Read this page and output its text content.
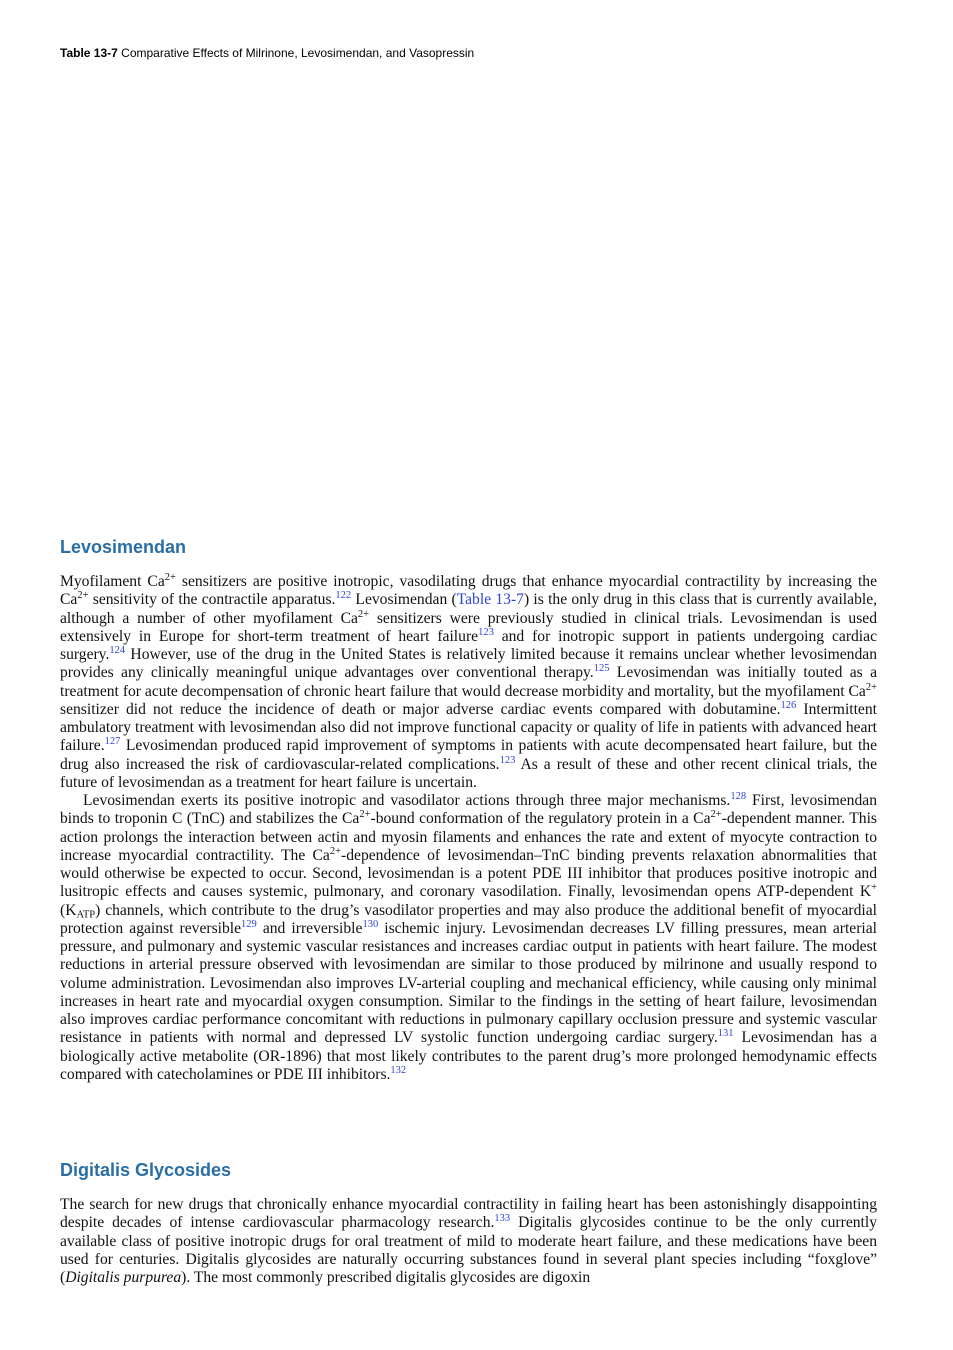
Table 13-7 Comparative Effects of Milrinone, Levosimendan, and Vasopressin
Levosimendan

Myofilament $Ca^{2+}$ sensitizers are positive inotropic, vasodilating drugs that enhance myocardial contractility by increasing the $Ca^{2+}$ sensitivity of the contractile apparatus.$^{122}$ Levosimendan (Table 13-7) is the only drug in this class that is currently available, although a number of other myofilament $Ca^{2+}$ sensitizers were previously studied in clinical trials. Levosimendan is used extensively in Europe for short-term treatment of heart failure$^{123}$ and for inotropic support in patients undergoing cardiac surgery.$^{124}$ However, use of the drug in the United States is relatively limited because it remains unclear whether levosimendan provides any clinically meaningful unique advantages over conventional therapy.$^{125}$ Levosimendan was initially touted as a treatment for acute decompensation of chronic heart failure that would decrease morbidity and mortality, but the myofilament $Ca^{2+}$ sensitizer did not reduce the incidence of death or major adverse cardiac events compared with dobutamine.$^{126}$ Intermittent ambulatory treatment with levosimendan also did not improve functional capacity or quality of life in patients with advanced heart failure.$^{127}$ Levosimendan produced rapid improvement of symptoms in patients with acute decompensated heart failure, but the drug also increased the risk of cardiovascular-related complications.$^{123}$ As a result of these and other recent clinical trials, the future of levosimendan as a treatment for heart failure is uncertain.

Levosimendan exerts its positive inotropic and vasodilator actions through three major mechanisms.$^{128}$ First, levosimendan binds to troponin C (TnC) and stabilizes the $Ca^{2+}$-bound conformation of the regulatory protein in a $Ca^{2+}$-dependent manner. This action prolongs the interaction between actin and myosin filaments and enhances the rate and extent of myocyte contraction to increase myocardial contractility. The $Ca^{2+}$-dependence of levosimendan–TnC binding prevents relaxation abnormalities that would otherwise be expected to occur. Second, levosimendan is a potent PDE III inhibitor that produces positive inotropic and lusitropic effects and causes systemic, pulmonary, and coronary vasodilation. Finally, levosimendan opens ATP-dependent K+ $(K_{ATP})$ channels, which contribute to the drug’s vasodilator properties and may also produce the additional benefit of myocardial protection against reversible$^{129}$ and irreversible$^{130}$ ischemic injury. Levosimendan decreases LV filling pressures, mean arterial pressure, and pulmonary and systemic vascular resistances and increases cardiac output in patients with heart failure. The modest reductions in arterial pressure observed with levosimendan are similar to those produced by milrinone and usually respond to volume administration. Levosimendan also improves LV-arterial coupling and mechanical efficiency, while causing only minimal increases in heart rate and myocardial oxygen consumption. Similar to the findings in the setting of heart failure, levosimendan also improves cardiac performance concomitant with reductions in pulmonary capillary occlusion pressure and systemic vascular resistance in patients with normal and depressed LV systolic function undergoing cardiac surgery.$^{131}$ Levosimendan has a biologically active metabolite (OR-1896) that most likely contributes to the parent drug’s more prolonged hemodynamic effects compared with catecholamines or PDE III inhibitors.$^{132}$

Digitalis Glycosides

The search for new drugs that chronically enhance myocardial contractility in failing heart has been astonishingly disappointing despite decades of intense cardiovascular pharmacology research.$^{133}$ Digitalis glycosides continue to be the only currently available class of positive inotropic drugs for oral treatment of mild to moderate heart failure, and these medications have been used for centuries. Digitalis glycosides are naturally occurring substances found in several plant species including “foxglove” (Digitalis purpurea). The most commonly prescribed digitalis glycosides are digoxin
